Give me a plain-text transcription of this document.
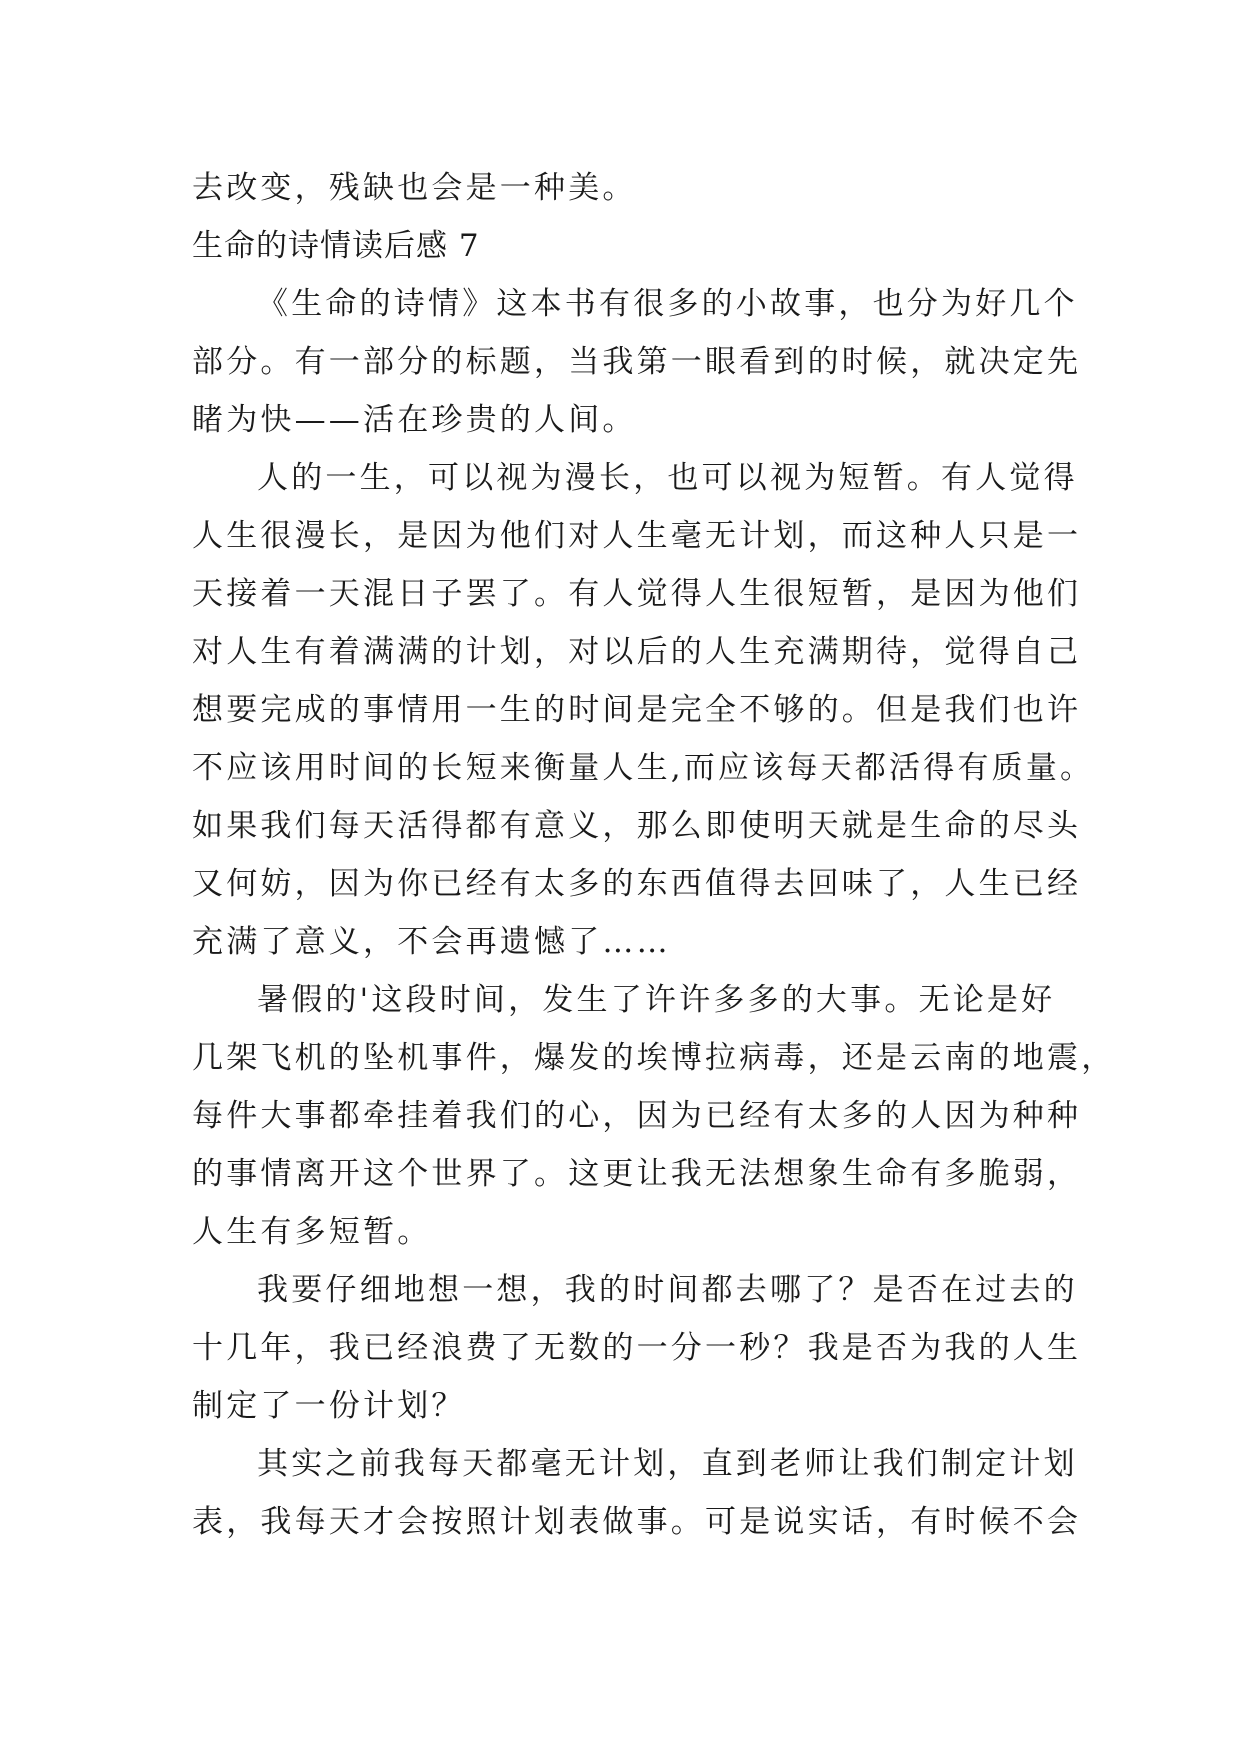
去改变，残缺也会是一种美。
生命的诗情读后感 7
《生命的诗情》这本书有很多的小故事，也分为好几个
部分。有一部分的标题，当我第一眼看到的时候，就决定先
睹为快——活在珍贵的人间。
人的一生，可以视为漫长，也可以视为短暂。有人觉得
人生很漫长，是因为他们对人生毫无计划，而这种人只是一
天接着一天混日子罢了。有人觉得人生很短暂，是因为他们
对人生有着满满的计划，对以后的人生充满期待，觉得自己
想要完成的事情用一生的时间是完全不够的。但是我们也许
不应该用时间的长短来衡量人生,而应该每天都活得有质量。
如果我们每天活得都有意义，那么即使明天就是生命的尽头
又何妨，因为你已经有太多的东西值得去回味了，人生已经
充满了意义，不会再遗憾了……
暑假的'这段时间，发生了许许多多的大事。无论是好
几架飞机的坠机事件，爆发的埃博拉病毒，还是云南的地震，
每件大事都牵挂着我们的心，因为已经有太多的人因为种种
的事情离开这个世界了。这更让我无法想象生命有多脆弱，
人生有多短暂。
我要仔细地想一想，我的时间都去哪了？是否在过去的
十几年，我已经浪费了无数的一分一秒？我是否为我的人生
制定了一份计划？
其实之前我每天都毫无计划，直到老师让我们制定计划
表，我每天才会按照计划表做事。可是说实话，有时候不会
